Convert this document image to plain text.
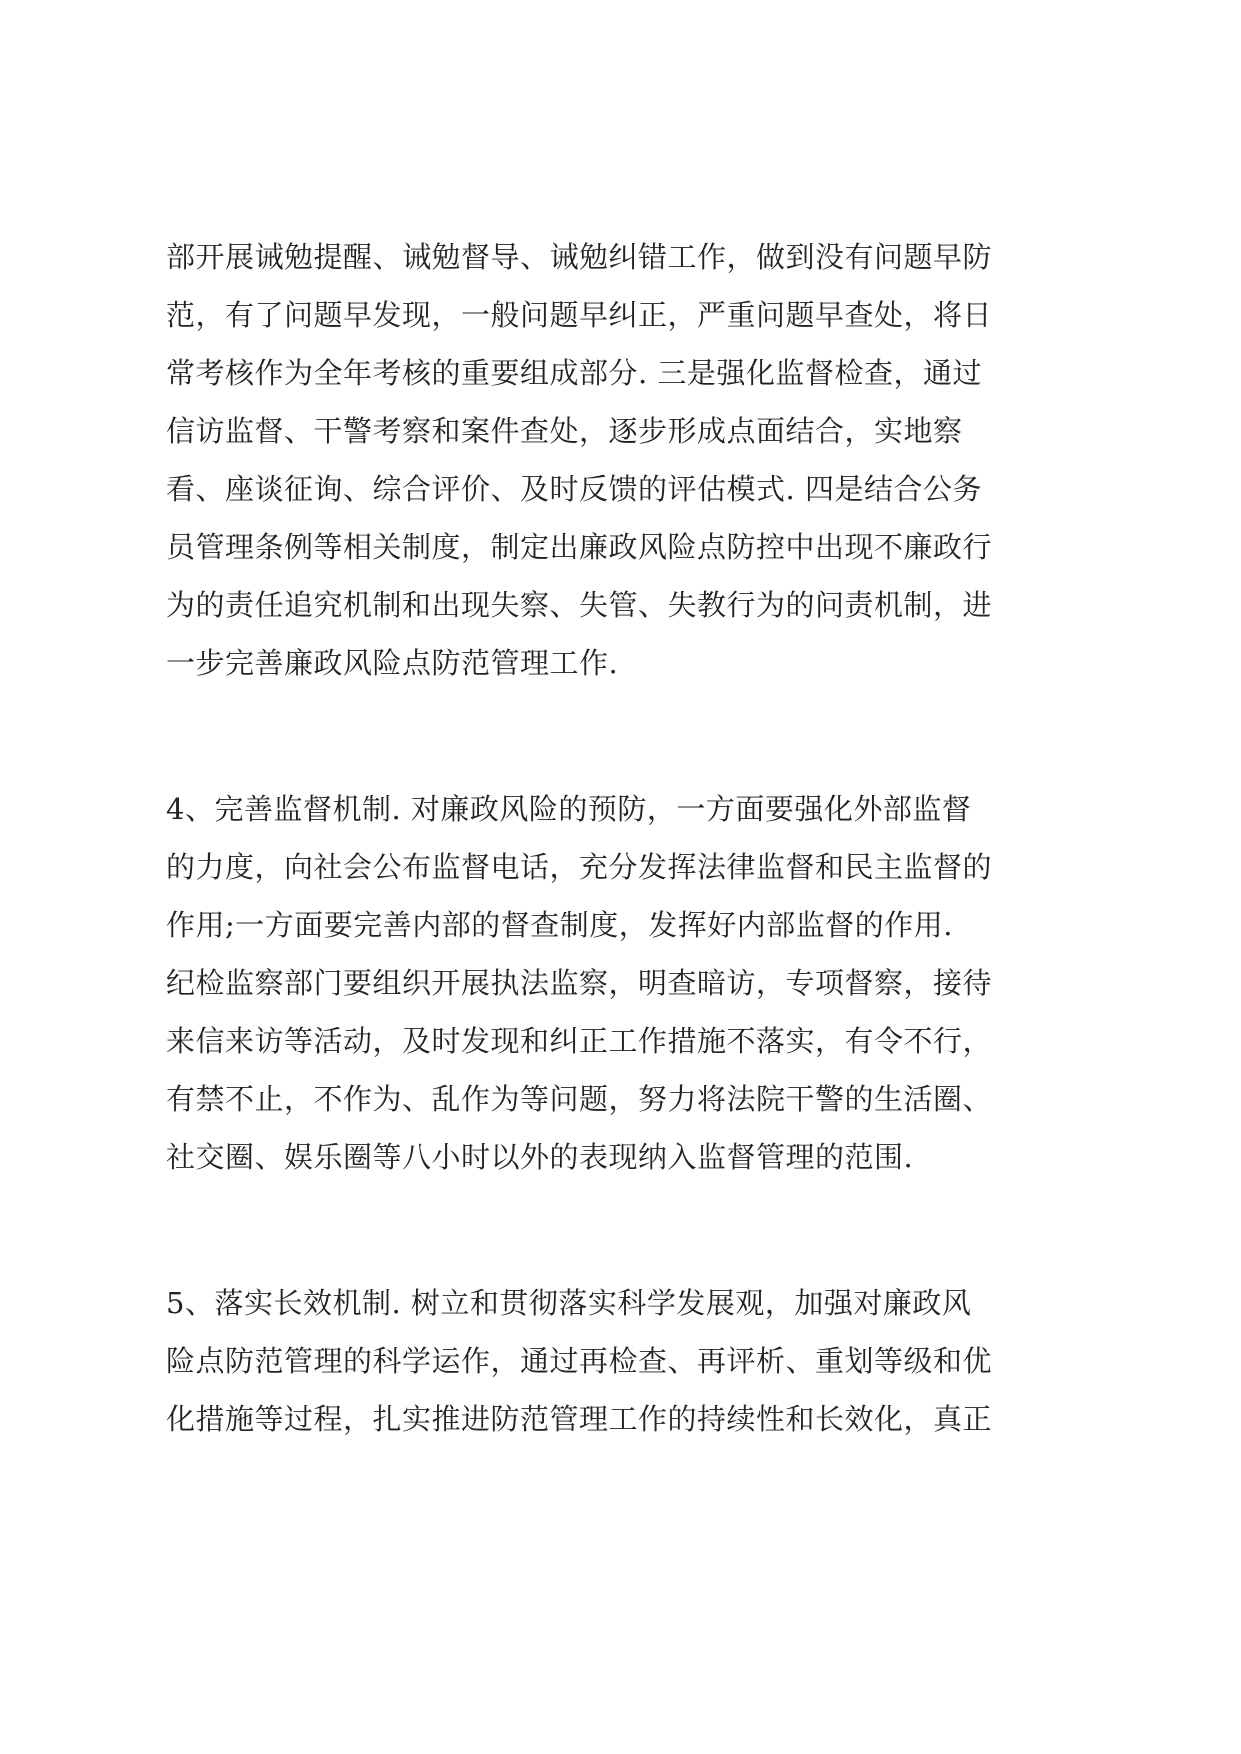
部开展诫勉提醒、诫勉督导、诫勉纠错工作，做到没有问题早防
范，有了问题早发现，一般问题早纠正，严重问题早查处，将日
常考核作为全年考核的重要组成部分. 三是强化监督检查，通过
信访监督、干警考察和案件查处，逐步形成点面结合，实地察
看、座谈征询、综合评价、及时反馈的评估模式. 四是结合公务
员管理条例等相关制度，制定出廉政风险点防控中出现不廉政行
为的责任追究机制和出现失察、失管、失教行为的问责机制，进
一步完善廉政风险点防范管理工作.
4、完善监督机制. 对廉政风险的预防，一方面要强化外部监督
的力度，向社会公布监督电话，充分发挥法律监督和民主监督的
作用;一方面要完善内部的督查制度，发挥好内部监督的作用.
纪检监察部门要组织开展执法监察，明查暗访，专项督察，接待
来信来访等活动，及时发现和纠正工作措施不落实，有令不行，
有禁不止，不作为、乱作为等问题，努力将法院干警的生活圈、
社交圈、娱乐圈等八小时以外的表现纳入监督管理的范围.
5、落实长效机制. 树立和贯彻落实科学发展观，加强对廉政风
险点防范管理的科学运作，通过再检查、再评析、重划等级和优
化措施等过程，扎实推进防范管理工作的持续性和长效化，真正
